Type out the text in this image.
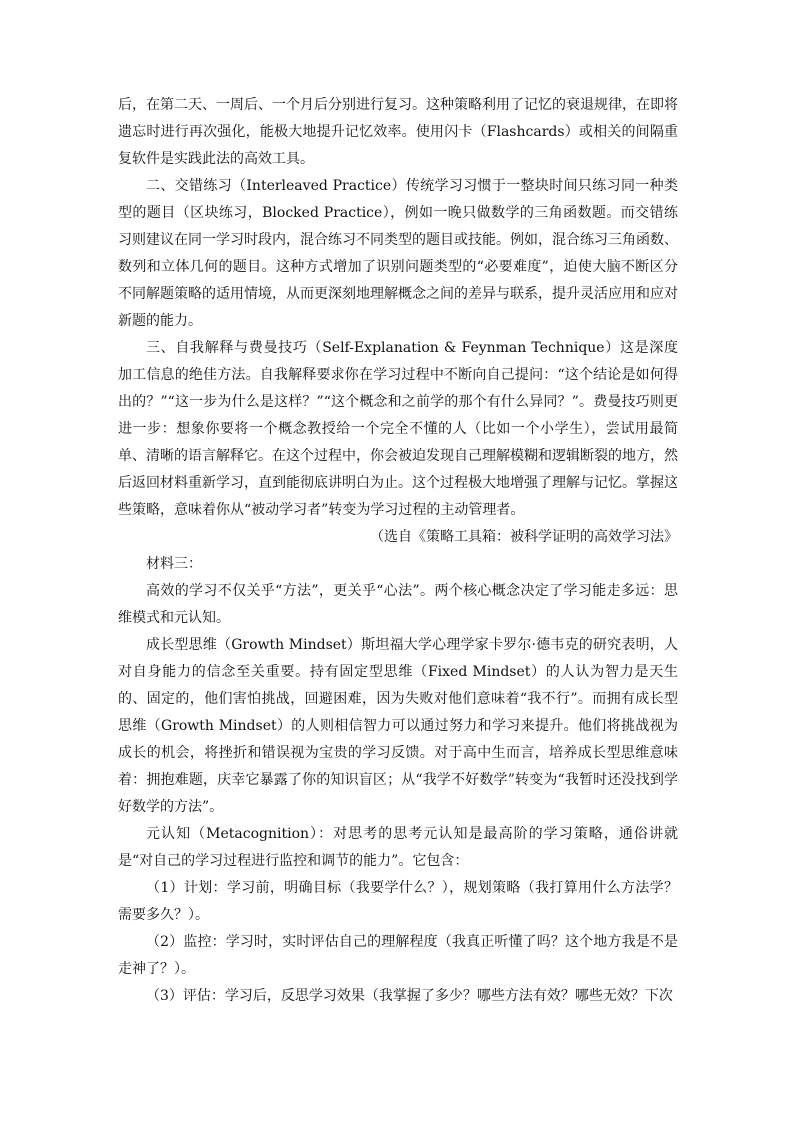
后，在第二天、一周后、一个月后分别进行复习。这种策略利用了记忆的衰退规律，在即将遗忘时进行再次强化，能极大地提升记忆效率。使用闪卡（Flashcards）或相关的间隔重复软件是实践此法的高效工具。

二、交错练习（Interleaved Practice）传统学习习惯于一整块时间只练习同一种类型的题目（区块练习，Blocked Practice），例如一晚只做数学的三角函数题。而交错练习则建议在同一学习时段内，混合练习不同类型的题目或技能。例如，混合练习三角函数、数列和立体几何的题目。这种方式增加了识别问题类型的“必要难度”，迫使大脑不断区分不同解题策略的适用情境，从而更深刻地理解概念之间的差异与联系，提升灵活应用和应对新题的能力。

三、自我解释与费曼技巧（Self-Explanation & Feynman Technique）这是深度加工信息的绝佳方法。自我解释要求你在学习过程中不断向自己提问：“这个结论是如何得出的？”“这一步为什么是这样？”“这个概念和之前学的那个有什么异同？”。费曼技巧则更进一步：想象你要将一个概念教授给一个完全不懂的人（比如一个小学生），尝试用最简单、清晰的语言解释它。在这个过程中，你会被迫发现自己理解模糊和逻辑断裂的地方，然后返回材料重新学习，直到能彻底讲明白为止。这个过程极大地增强了理解与记忆。掌握这些策略，意味着你从“被动学习者”转变为学习过程的主动管理者。

（选自《策略工具箱：被科学证明的高效学习法》

材料三：

高效的学习不仅关乎“方法”，更关乎“心法”。两个核心概念决定了学习能走多远：思维模式和元认知。

成长型思维（Growth Mindset）斯坦福大学心理学家卡罗尔·德韦克的研究表明，人对自身能力的信念至关重要。持有固定型思维（Fixed Mindset）的人认为智力是天生的、固定的，他们害怕挑战，回避困难，因为失败对他们意味着“我不行”。而拥有成长型思维（Growth Mindset）的人则相信智力可以通过努力和学习来提升。他们将挑战视为成长的机会，将挫折和错误视为宝贵的学习反馈。对于高中生而言，培养成长型思维意味着：拥抱难题，庆幸它暴露了你的知识盲区；从“我学不好数学”转变为“我暂时还没找到学好数学的方法”。

元认知（Metacognition）：对思考的思考元认知是最高阶的学习策略，通俗讲就是“对自己的学习过程进行监控和调节的能力”。它包含：

（1）计划：学习前，明确目标（我要学什么？），规划策略（我打算用什么方法学？需要多久？）。

（2）监控：学习时，实时评估自己的理解程度（我真正听懂了吗？这个地方我是不是走神了？）。

（3）评估：学习后，反思学习效果（我掌握了多少？哪些方法有效？哪些无效？下次
